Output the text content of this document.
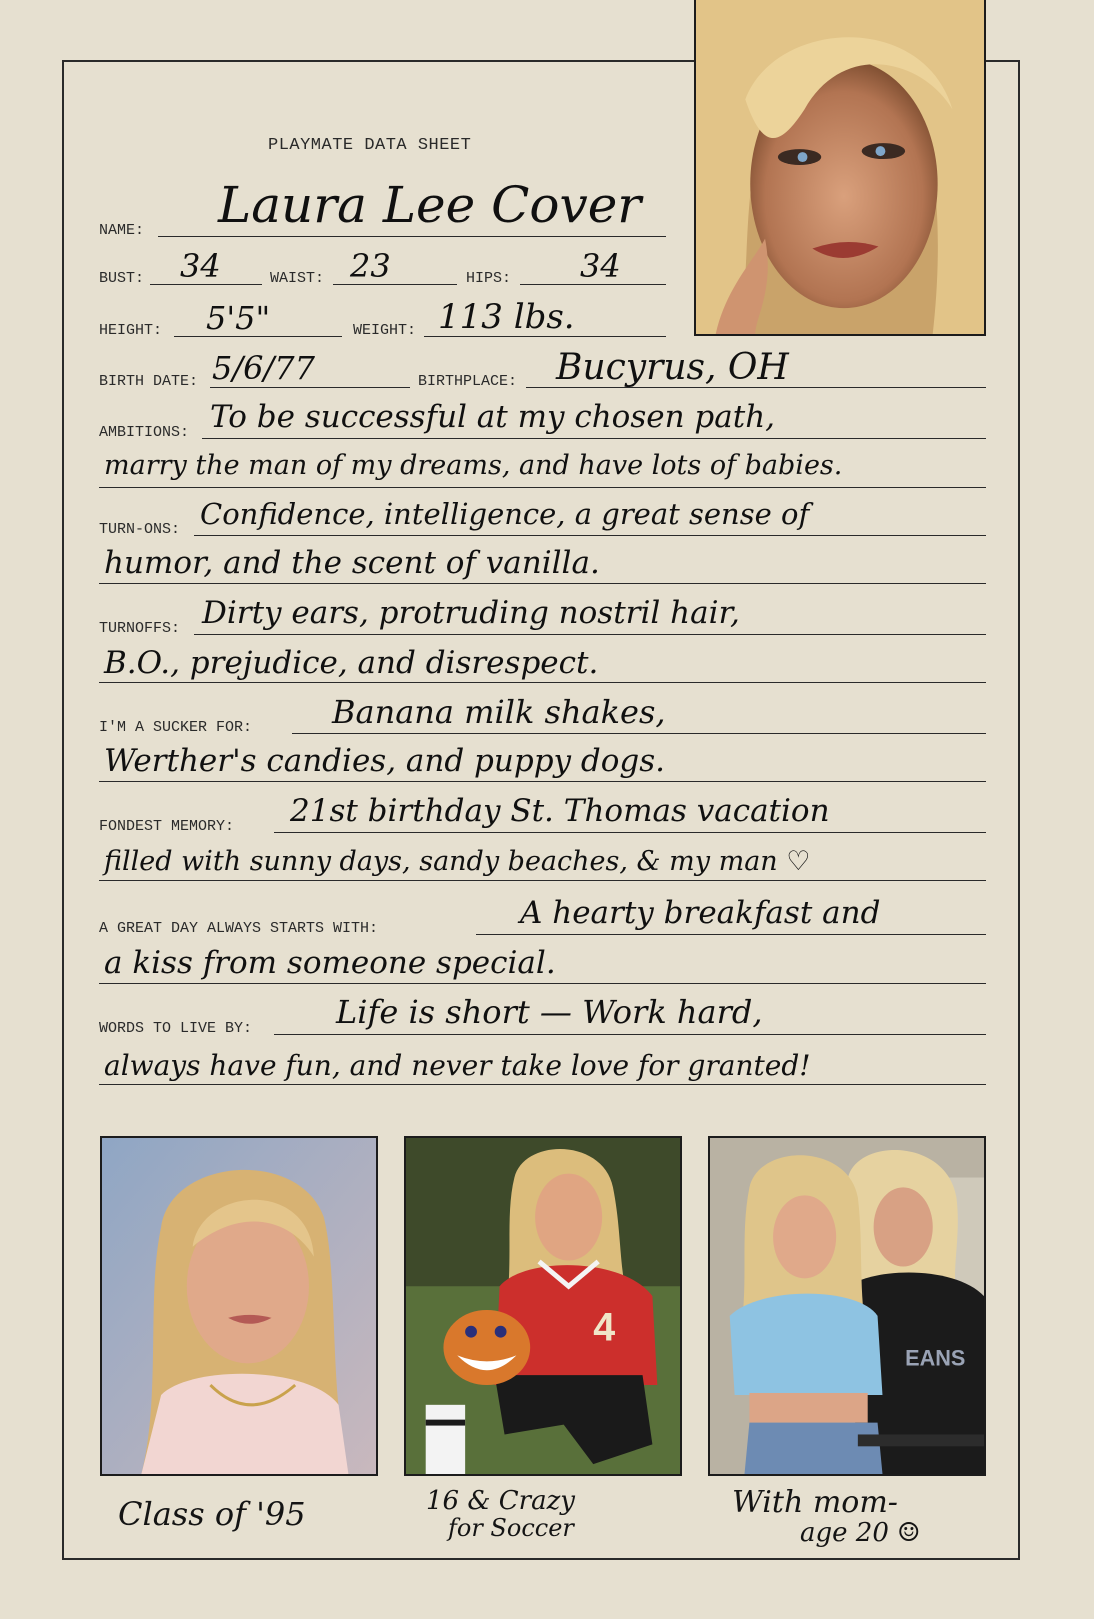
PLAYMATE DATA SHEET
NAME: Laura Lee Cover
BUST: 34	WAIST: 23	HIPS: 34
HEIGHT: 5'5"	WEIGHT: 113 lbs.
BIRTH DATE: 5/6/77	BIRTHPLACE: Bucyrus, OH
AMBITIONS: To be successful at my chosen path,
marry the man of my dreams, and have lots of babies.
TURN-ONS: Confidence, intelligence, a great sense of
humor, and the scent of vanilla.
TURNOFFS: Dirty ears, protruding nostril hair,
B.O., prejudice, and disrespect.
I'M A SUCKER FOR: Banana milk shakes,
Werther's candies, and puppy dogs.
FONDEST MEMORY: 21st birthday St. Thomas vacation
filled with sunny days, sandy beaches, & my man ♡
A GREAT DAY ALWAYS STARTS WITH:	A hearty breakfast and
a kiss from someone special.
WORDS TO LIVE BY:	Life is short — Work hard,
always have fun, and never take love for granted!
4
EANS
Class of '95	16 & Crazy
for Soccer
With mom-
age 20 ☺
